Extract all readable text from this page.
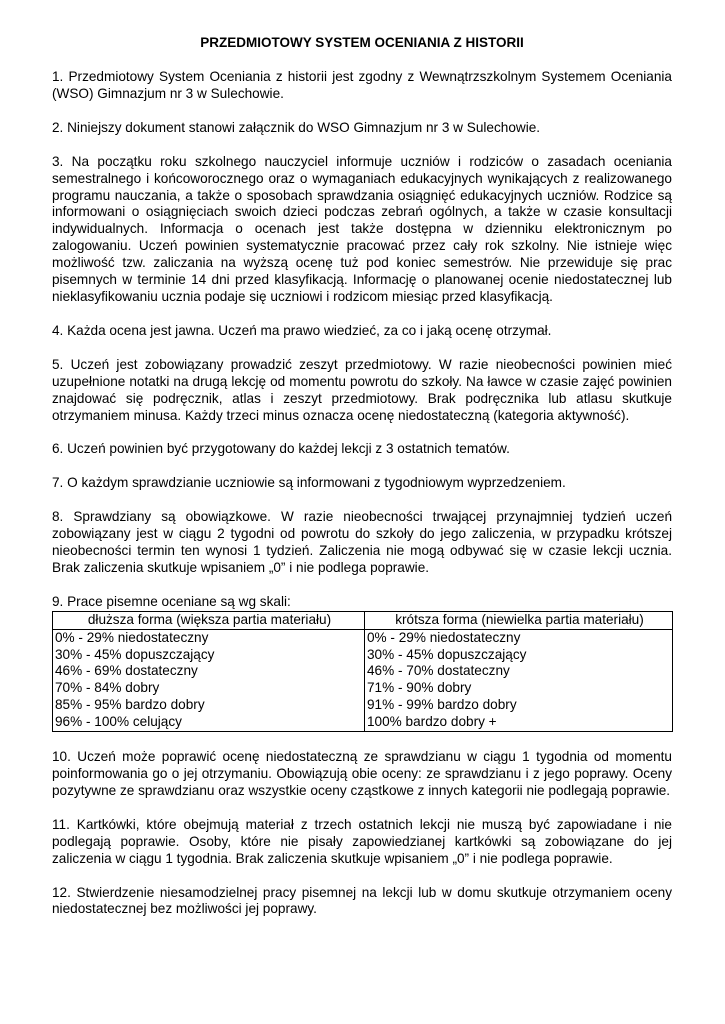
PRZEDMIOTOWY SYSTEM OCENIANIA Z HISTORII

1. Przedmiotowy System Oceniania z historii jest zgodny z Wewnątrzszkolnym Systemem Oceniania (WSO) Gimnazjum nr 3 w Sulechowie.

2. Niniejszy dokument stanowi załącznik do WSO Gimnazjum nr 3 w Sulechowie.

3. Na początku roku szkolnego nauczyciel informuje uczniów i rodziców o zasadach oceniania semestralnego i końcoworocznego oraz o wymaganiach edukacyjnych wynikających z realizowanego programu nauczania, a także o sposobach sprawdzania osiągnięć edukacyjnych uczniów. Rodzice są informowani o osiągnięciach swoich dzieci podczas zebrań ogólnych, a także w czasie konsultacji indywidualnych. Informacja o ocenach jest także dostępna w dzienniku elektronicznym po zalogowaniu. Uczeń powinien systematycznie pracować przez cały rok szkolny. Nie istnieje więc możliwość tzw. zaliczania na wyższą ocenę tuż pod koniec semestrów. Nie przewiduje się prac pisemnych w terminie 14 dni przed klasyfikacją. Informację o planowanej ocenie niedostatecznej lub nieklasyfikowaniu ucznia podaje się uczniowi i rodzicom miesiąc przed klasyfikacją.

4. Każda ocena jest jawna. Uczeń ma prawo wiedzieć, za co i jaką ocenę otrzymał.

5. Uczeń jest zobowiązany prowadzić zeszyt przedmiotowy. W razie nieobecności powinien mieć uzupełnione notatki na drugą lekcję od momentu powrotu do szkoły. Na ławce w czasie zajęć powinien znajdować się podręcznik, atlas i zeszyt przedmiotowy. Brak podręcznika lub atlasu skutkuje otrzymaniem minusa. Każdy trzeci minus oznacza ocenę niedostateczną (kategoria aktywność).

6. Uczeń powinien być przygotowany do każdej lekcji z 3 ostatnich tematów.

7. O każdym sprawdzianie uczniowie są informowani z tygodniowym wyprzedzeniem.

8. Sprawdziany są obowiązkowe. W razie nieobecności trwającej przynajmniej tydzień uczeń zobowiązany jest w ciągu 2 tygodni od powrotu do szkoły do jego zaliczenia, w przypadku krótszej nieobecności termin ten wynosi 1 tydzień. Zaliczenia nie mogą odbywać się w czasie lekcji ucznia. Brak zaliczenia skutkuje wpisaniem „0” i nie podlega poprawie.

9. Prace pisemne oceniane są wg skali:

dłuższa forma (większa partia materiału)	krótsza forma (niewielka partia materiału)
0% - 29% niedostateczny	0% - 29% niedostateczny
30% - 45% dopuszczający	30% - 45% dopuszczający
46% - 69% dostateczny	46% - 70% dostateczny
70% - 84% dobry	71% - 90% dobry
85% - 95% bardzo dobry	91% - 99% bardzo dobry
96% - 100% celujący	100% bardzo dobry +

10. Uczeń może poprawić ocenę niedostateczną ze sprawdzianu w ciągu 1 tygodnia od momentu poinformowania go o jej otrzymaniu. Obowiązują obie oceny: ze sprawdzianu i z jego poprawy. Oceny pozytywne ze sprawdzianu oraz wszystkie oceny cząstkowe z innych kategorii nie podlegają poprawie.

11. Kartkówki, które obejmują materiał z trzech ostatnich lekcji nie muszą być zapowiadane i nie podlegają poprawie. Osoby, które nie pisały zapowiedzianej kartkówki są zobowiązane do jej zaliczenia w ciągu 1 tygodnia. Brak zaliczenia skutkuje wpisaniem „0” i nie podlega poprawie.

12. Stwierdzenie niesamodzielnej pracy pisemnej na lekcji lub w domu skutkuje otrzymaniem oceny niedostatecznej bez możliwości jej poprawy.
